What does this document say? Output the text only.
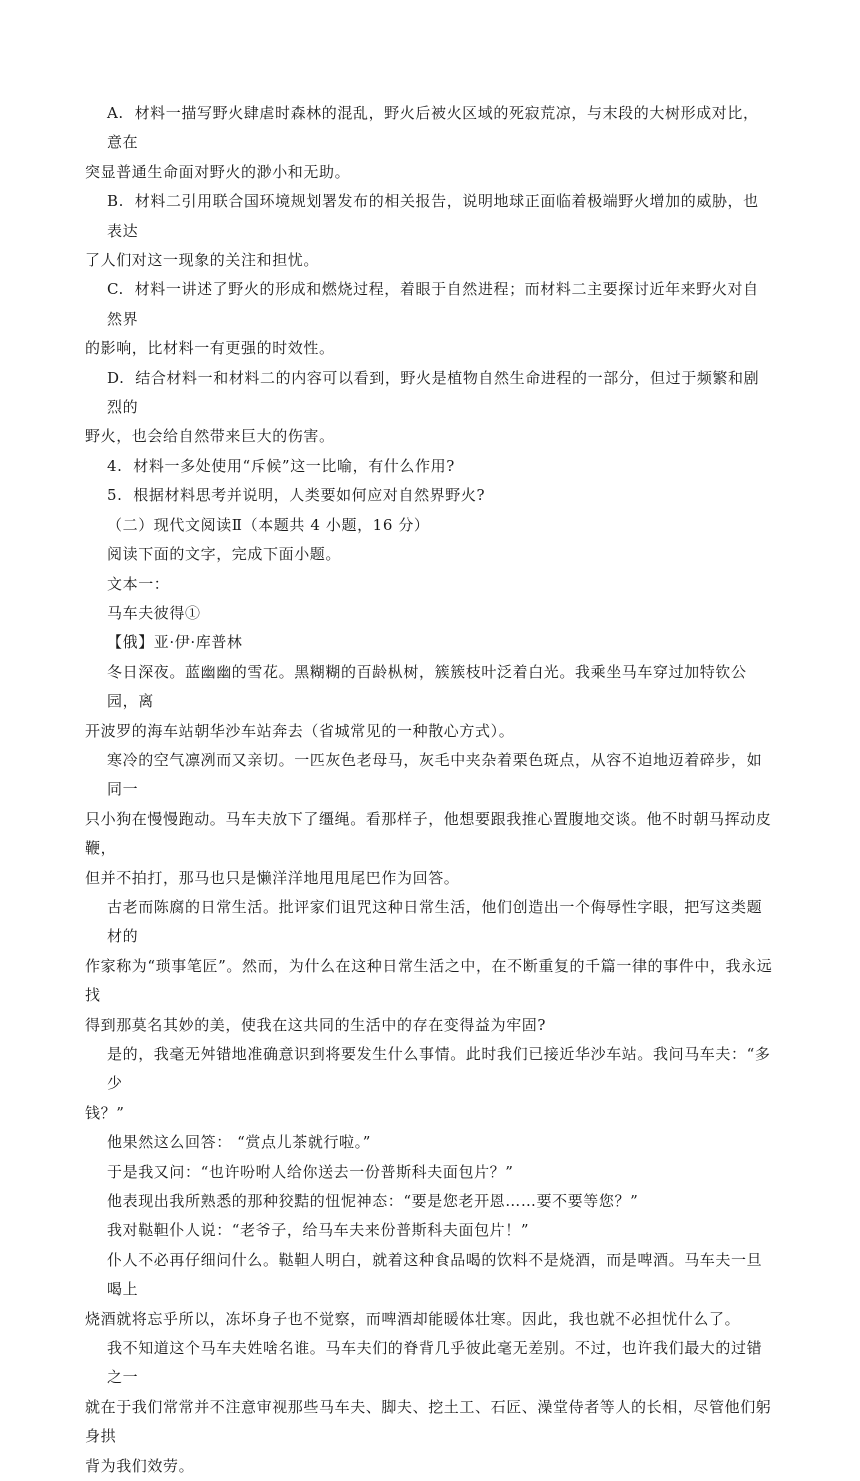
A. 材料一描写野火肆虐时森林的混乱，野火后被火区域的死寂荒凉，与末段的大树形成对比，意在

突显普通生命面对野火的渺小和无助。

B. 材料二引用联合国环境规划署发布的相关报告，说明地球正面临着极端野火增加的威胁，也表达

了人们对这一现象的关注和担忧。

C. 材料一讲述了野火的形成和燃烧过程，着眼于自然进程；而材料二主要探讨近年来野火对自然界

的影响，比材料一有更强的时效性。

D. 结合材料一和材料二的内容可以看到，野火是植物自然生命进程的一部分，但过于频繁和剧烈的

野火，也会给自然带来巨大的伤害。

4. 材料一多处使用“斥候”这一比喻，有什么作用?

5. 根据材料思考并说明，人类要如何应对自然界野火?

（二）现代文阅读Ⅱ（本题共 4 小题，16 分）

阅读下面的文字，完成下面小题。

文本一：

马车夫彼得①

【俄】亚·伊·库普林

冬日深夜。蓝幽幽的雪花。黑糊糊的百龄枞树，簇簇枝叶泛着白光。我乘坐马车穿过加特钦公园，离

开波罗的海车站朝华沙车站奔去（省城常见的一种散心方式）。

寒冷的空气凛冽而又亲切。一匹灰色老母马，灰毛中夹杂着栗色斑点，从容不迫地迈着碎步，如同一

只小狗在慢慢跑动。马车夫放下了缰绳。看那样子，他想要跟我推心置腹地交谈。他不时朝马挥动皮鞭，

但并不拍打，那马也只是懒洋洋地甩甩尾巴作为回答。

古老而陈腐的日常生活。批评家们诅咒这种日常生活，他们创造出一个侮辱性字眼，把写这类题材的

作家称为“琐事笔匠”。然而，为什么在这种日常生活之中，在不断重复的千篇一律的事件中，我永远找

得到那莫名其妙的美，使我在这共同的生活中的存在变得益为牢固?

是的，我毫无舛错地准确意识到将要发生什么事情。此时我们已接近华沙车站。我问马车夫：“多少

钱？”

他果然这么回答： “赏点儿茶就行啦。”

于是我又问：“也许吩咐人给你送去一份普斯科夫面包片？”

他表现出我所熟悉的那种狡黠的忸怩神态：“要是您老开恩……要不要等您？”

我对鞑靼仆人说：“老爷子，给马车夫来份普斯科夫面包片！”

仆人不必再仔细问什么。鞑靼人明白，就着这种食品喝的饮料不是烧酒，而是啤酒。马车夫一旦喝上

烧酒就将忘乎所以，冻坏身子也不觉察，而啤酒却能暖体壮寒。因此，我也就不必担忧什么了。

我不知道这个马车夫姓啥名谁。马车夫们的脊背几乎彼此毫无差别。不过，也许我们最大的过错之一

就在于我们常常并不注意审视那些马车夫、脚夫、挖土工、石匠、澡堂侍者等人的长相，尽管他们躬身拱

背为我们效劳。
